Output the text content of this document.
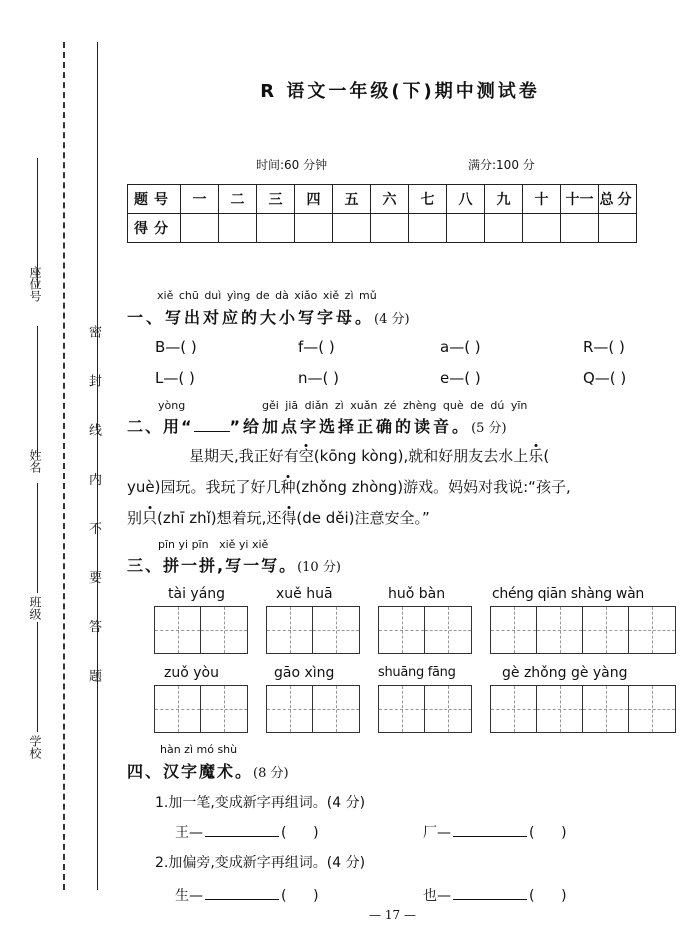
座位号
姓名
班级
学校
密 封 线 内 不 要 答 题
R 语文一年级(下)期中测试卷
时间:60 分钟	满分:100 分
题号	一	二	三	四	五	六	七	八	九	十	十一	总分
得分												
xiě chū duì yìng de dà xiǎo xiě zì mǔ
一、写出对应的大小写字母。(4 分)
B—( )	f—( )	a—( )	R—( )
L—( )	n—( )	e—( )	Q—( )
yòng	gěi jiā diǎn zì xuǎn zé zhèng què de dú yīn
二、用“ ”给加点字选择正确的读音。(5 分)
星期天,我正好有空(kōng kòng),就和好朋友去水上乐(
yuè)园玩。我玩了好几种(zhǒng zhòng)游戏。妈妈对我说:“孩子,
别只(zhī zhǐ)想着玩,还得(de děi)注意安全。”
pīn yi pīn   xiě yi xiě
三、拼一拼,写一写。(10 分)
tài yáng	xuě huā	huǒ bàn	chéng qiān shàng wàn
zuǒ yòu	gāo xìng	shuāng fāng	gè zhǒng gè yàng
hàn zì mó shù
四、汉字魔术。(8 分)
1.加一笔,变成新字再组词。(4 分)
王—	(      )	厂—	(      )
2.加偏旁,变成新字再组词。(4 分)
生—	(      )	也—	(      )
— 17 —
